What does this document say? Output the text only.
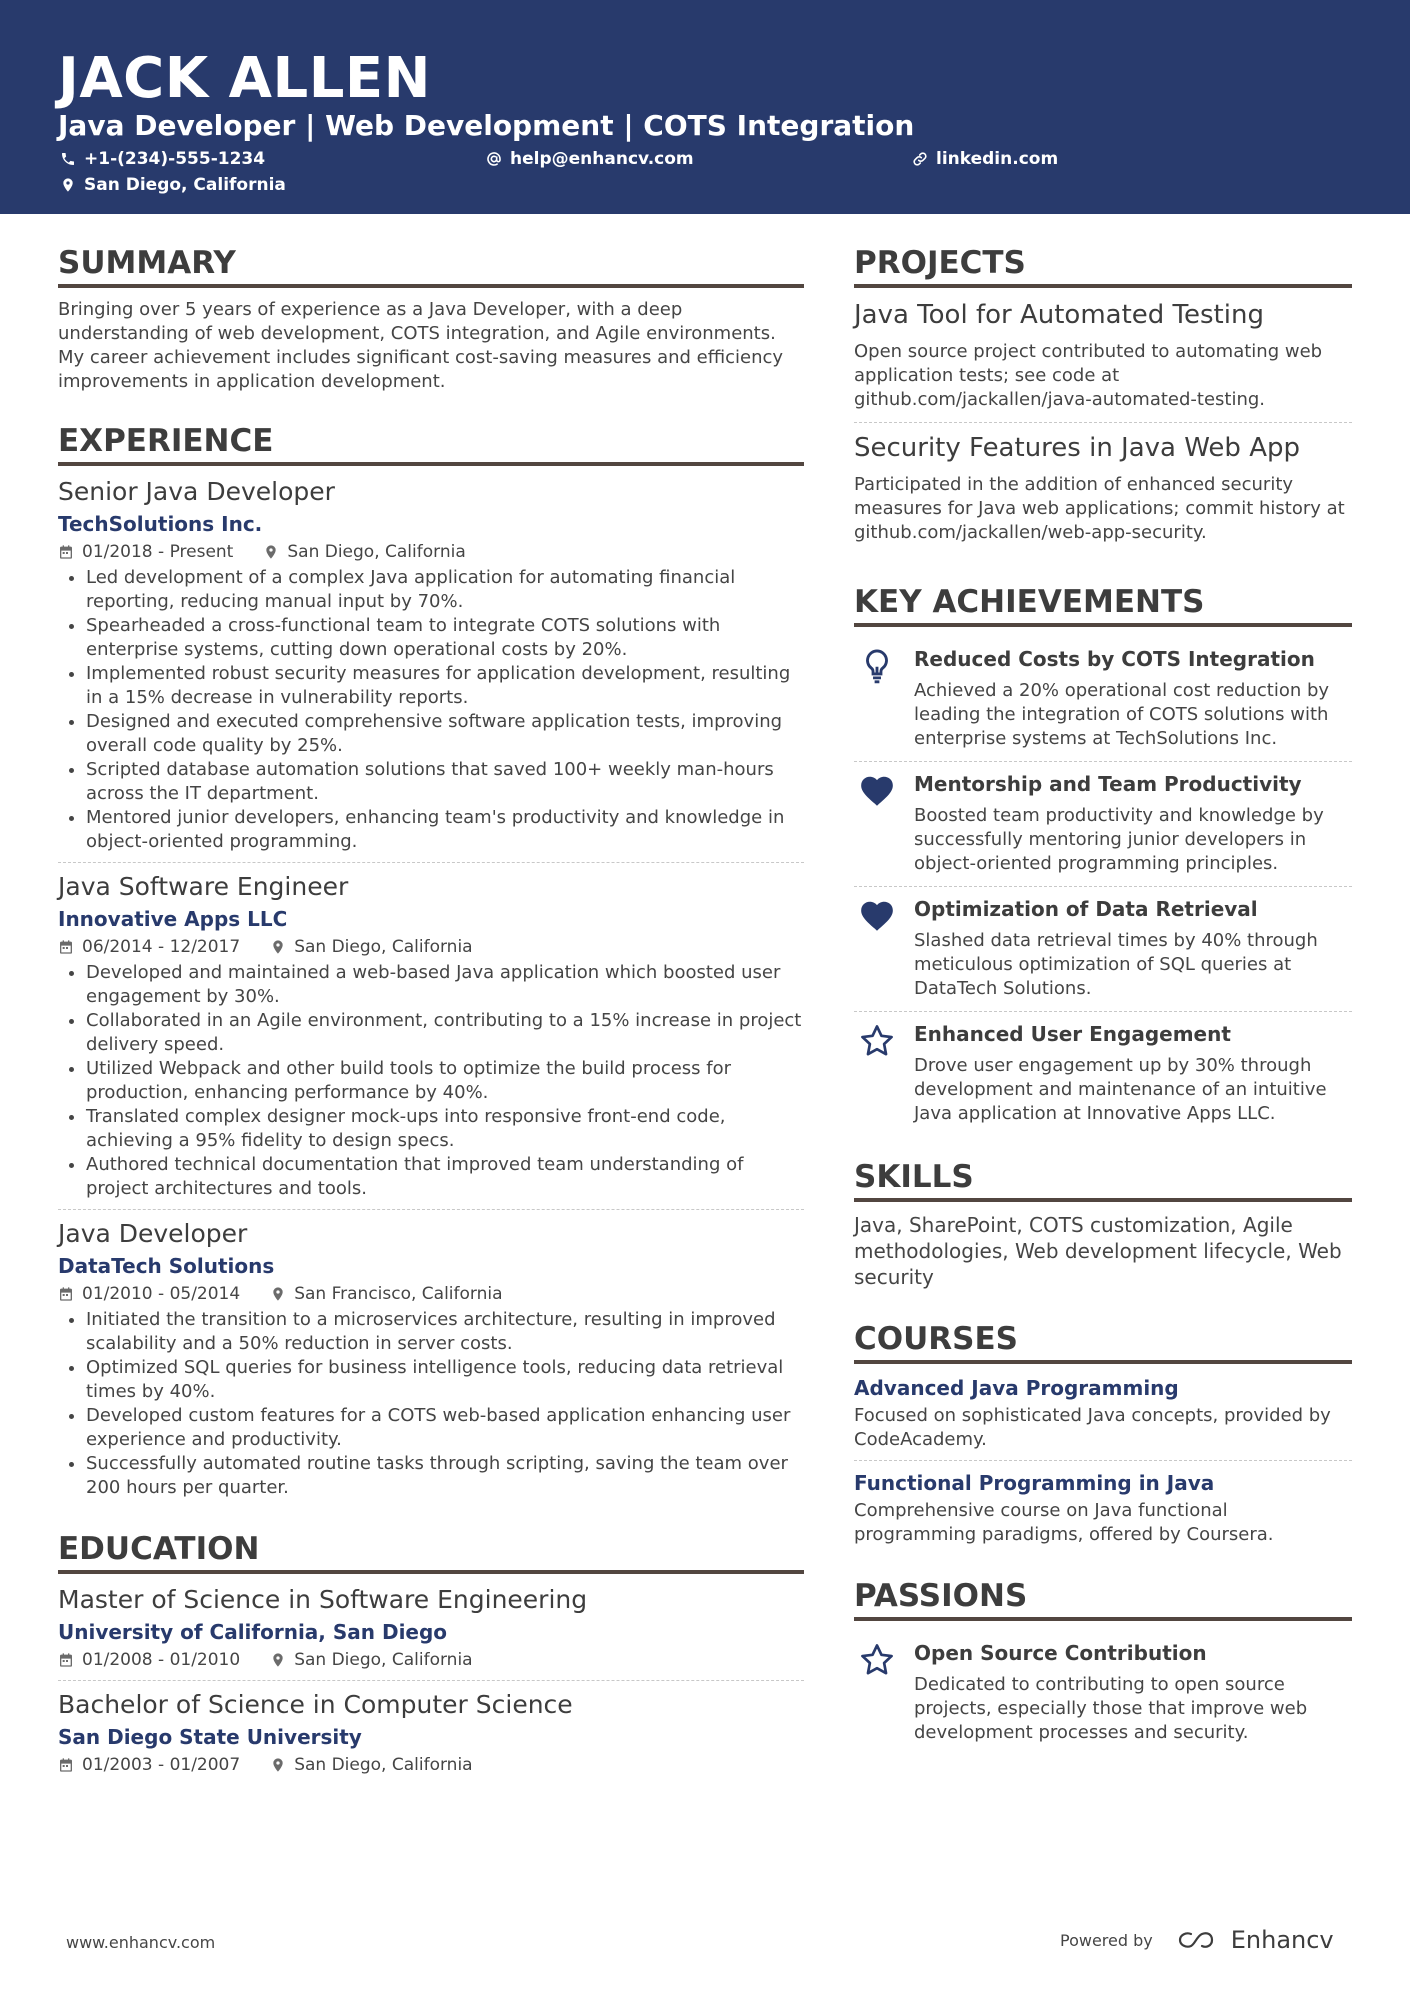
JACK ALLEN
Java Developer | Web Development | COTS Integration
+1-(234)-555-1234	help@enhancv.com	linkedin.com
San Diego, California
SUMMARY
Bringing over 5 years of experience as a Java Developer, with a deep understanding of web development, COTS integration, and Agile environments. My career achievement includes significant cost-saving measures and efficiency improvements in application development.
EXPERIENCE
Senior Java Developer
TechSolutions Inc.
01/2018 - Present	San Diego, California
• Led development of a complex Java application for automating financial reporting, reducing manual input by 70%.
• Spearheaded a cross-functional team to integrate COTS solutions with enterprise systems, cutting down operational costs by 20%.
• Implemented robust security measures for application development, resulting in a 15% decrease in vulnerability reports.
• Designed and executed comprehensive software application tests, improving overall code quality by 25%.
• Scripted database automation solutions that saved 100+ weekly man-hours across the IT department.
• Mentored junior developers, enhancing team's productivity and knowledge in object-oriented programming.
Java Software Engineer
Innovative Apps LLC
06/2014 - 12/2017	San Diego, California
• Developed and maintained a web-based Java application which boosted user engagement by 30%.
• Collaborated in an Agile environment, contributing to a 15% increase in project delivery speed.
• Utilized Webpack and other build tools to optimize the build process for production, enhancing performance by 40%.
• Translated complex designer mock-ups into responsive front-end code, achieving a 95% fidelity to design specs.
• Authored technical documentation that improved team understanding of project architectures and tools.
Java Developer
DataTech Solutions
01/2010 - 05/2014	San Francisco, California
• Initiated the transition to a microservices architecture, resulting in improved scalability and a 50% reduction in server costs.
• Optimized SQL queries for business intelligence tools, reducing data retrieval times by 40%.
• Developed custom features for a COTS web-based application enhancing user experience and productivity.
• Successfully automated routine tasks through scripting, saving the team over 200 hours per quarter.
EDUCATION
Master of Science in Software Engineering
University of California, San Diego
01/2008 - 01/2010	San Diego, California
Bachelor of Science in Computer Science
San Diego State University
01/2003 - 01/2007	San Diego, California
PROJECTS
Java Tool for Automated Testing
Open source project contributed to automating web application tests; see code at github.com/jackallen/java-automated-testing.
Security Features in Java Web App
Participated in the addition of enhanced security measures for Java web applications; commit history at github.com/jackallen/web-app-security.
KEY ACHIEVEMENTS
Reduced Costs by COTS Integration
Achieved a 20% operational cost reduction by leading the integration of COTS solutions with enterprise systems at TechSolutions Inc.
Mentorship and Team Productivity
Boosted team productivity and knowledge by successfully mentoring junior developers in object-oriented programming principles.
Optimization of Data Retrieval
Slashed data retrieval times by 40% through meticulous optimization of SQL queries at DataTech Solutions.
Enhanced User Engagement
Drove user engagement up by 30% through development and maintenance of an intuitive Java application at Innovative Apps LLC.
SKILLS
Java, SharePoint, COTS customization, Agile methodologies, Web development lifecycle, Web security
COURSES
Advanced Java Programming
Focused on sophisticated Java concepts, provided by CodeAcademy.
Functional Programming in Java
Comprehensive course on Java functional programming paradigms, offered by Coursera.
PASSIONS
Open Source Contribution
Dedicated to contributing to open source projects, especially those that improve web development processes and security.
www.enhancv.com	Powered by	Enhancv
